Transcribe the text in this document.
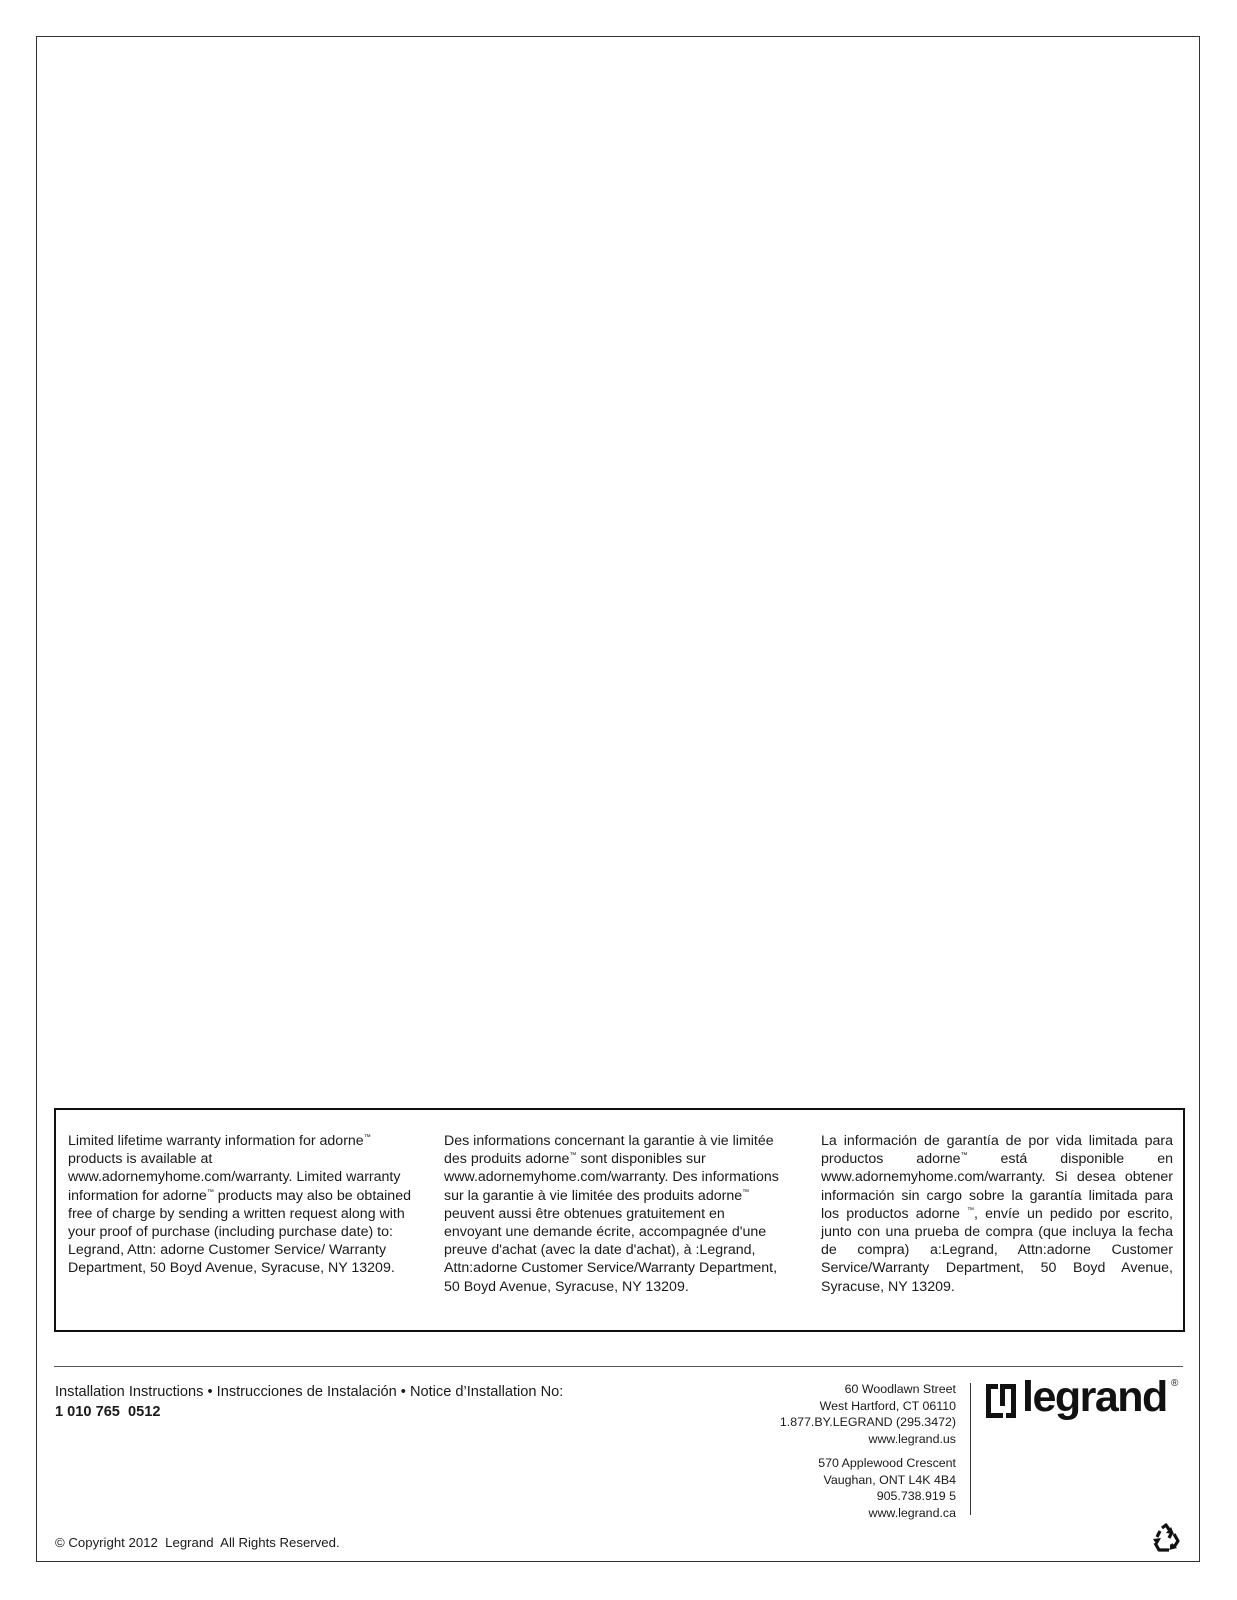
Limited lifetime warranty information for adorne™ products is available at www.adornemyhome.com/warranty. Limited warranty information for adorne™ products may also be obtained free of charge by sending a written request along with your proof of purchase (including purchase date) to: Legrand, Attn: adorne Customer Service/ Warranty Department, 50 Boyd Avenue, Syracuse, NY 13209.

Des informations concernant la garantie à vie limitée des produits adorne™ sont disponibles sur www.adornemyhome.com/warranty. Des informations sur la garantie à vie limitée des produits adorne™ peuvent aussi être obtenues gratuitement en envoyant une demande écrite, accompagnée d'une preuve d'achat (avec la date d'achat), à :Legrand, Attn:adorne Customer Service/Warranty Department, 50 Boyd Avenue, Syracuse, NY 13209.

La información de garantía de por vida limitada para productos adorne™ está disponible en www.adornemyhome.com/warranty. Si desea obtener información sin cargo sobre la garantía limitada para los productos adorne ™, envíe un pedido por escrito, junto con una prueba de compra (que incluya la fecha de compra) a:Legrand, Attn:adorne Customer Service/Warranty Department, 50 Boyd Avenue, Syracuse, NY 13209.

Installation Instructions • Instrucciones de Instalación • Notice d’Installation No:
1 010 765  0512
60 Woodlawn Street
West Hartford, CT 06110
1.877.BY.LEGRAND (295.3472)
www.legrand.us
570 Applewood Crescent
Vaughan, ONT L4K 4B4
905.738.919 5
www.legrand.ca
legrand ®
© Copyright 2012  Legrand  All Rights Reserved.
